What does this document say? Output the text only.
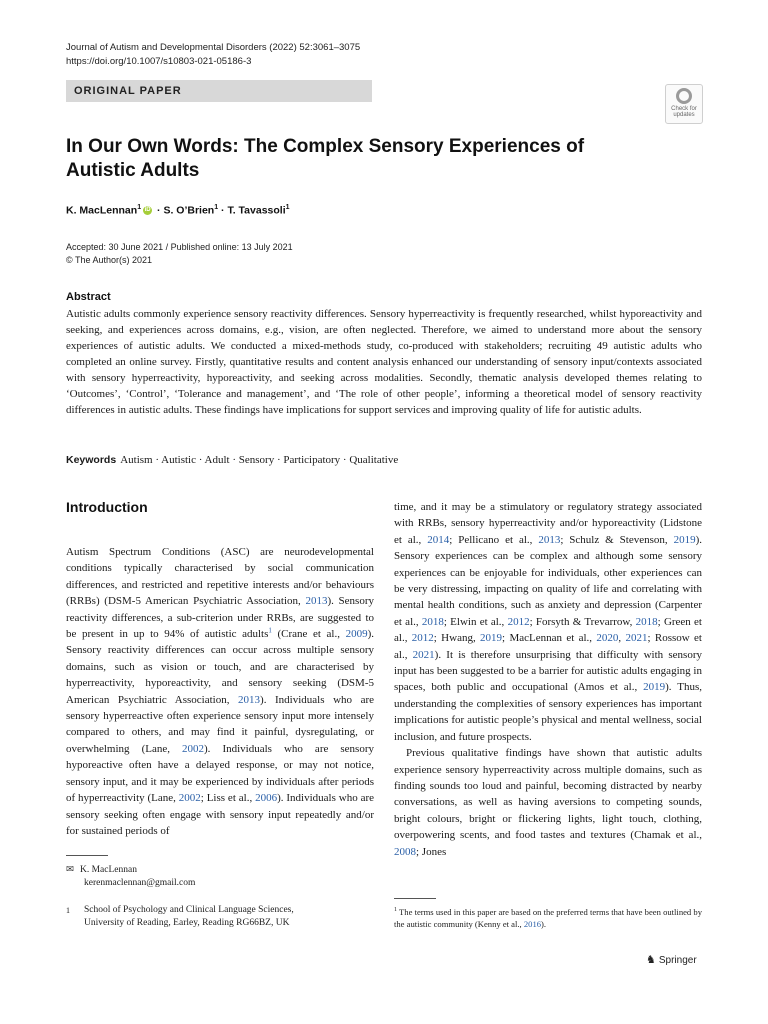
Journal of Autism and Developmental Disorders (2022) 52:3061–3075
https://doi.org/10.1007/s10803-021-05186-3
ORIGINAL PAPER
Check for
updates
In Our Own Words: The Complex Sensory Experiences of Autistic Adults
K. MacLennan$^1$ iD · S. O’Brien$^1$ · T. Tavassoli$^1$
Accepted: 30 June 2021 / Published online: 13 July 2021
© The Author(s) 2021
Abstract
Autistic adults commonly experience sensory reactivity differences. Sensory hyperreactivity is frequently researched, whilst hyporeactivity and seeking, and experiences across domains, e.g., vision, are often neglected. Therefore, we aimed to understand more about the sensory experiences of autistic adults. We conducted a mixed-methods study, co-produced with stakeholders; recruiting 49 autistic adults who completed an online survey. Firstly, quantitative results and content analysis enhanced our understanding of sensory input/contexts associated with sensory hyperreactivity, hyporeactivity, and seeking across modalities. Secondly, thematic analysis developed themes relating to ‘Outcomes’, ‘Control’, ‘Tolerance and management’, and ‘The role of other people’, informing a theoretical model of sensory reactivity differences in autistic adults. These findings have implications for support services and improving quality of life for autistic adults.
Keywords Autism · Autistic · Adult · Sensory · Participatory · Qualitative
Introduction

Autism Spectrum Conditions (ASC) are neurodevelopmental conditions typically characterised by social communication differences, and restricted and repetitive interests and/or behaviours (RRBs) (DSM-5 American Psychiatric Association, 2013). Sensory reactivity differences, a sub-criterion under RRBs, are suggested to be present in up to 94% of autistic adults$^1$ (Crane et al., 2009). Sensory reactivity differences can occur across multiple sensory domains, such as vision or touch, and are characterised by hyperreactivity, hyporeactivity, and sensory seeking (DSM-5 American Psychiatric Association, 2013). Individuals who are sensory hyperreactive often experience sensory input more intensely compared to others, and may find it painful, dysregulating, or overwhelming (Lane, 2002). Individuals who are sensory hyporeactive often have a delayed response, or may not notice, sensory input, and it may be experienced by individuals after periods of hyperreactivity (Lane, 2002; Liss et al., 2006). Individuals who are sensory seeking often engage with sensory input repeatedly and/or for sustained periods of

time, and it may be a stimulatory or regulatory strategy associated with RRBs, sensory hyperreactivity and/or hyporeactivity (Lidstone et al., 2014; Pellicano et al., 2013; Schulz & Stevenson, 2019). Sensory experiences can be complex and although some sensory experiences can be enjoyable for individuals, other experiences can be very distressing, impacting on quality of life and correlating with mental health conditions, such as anxiety and depression (Carpenter et al., 2018; Elwin et al., 2012; Forsyth & Trevarrow, 2018; Green et al., 2012; Hwang, 2019; MacLennan et al., 2020, 2021; Rossow et al., 2021). It is therefore unsurprising that difficulty with sensory input has been suggested to be a barrier for autistic adults engaging in spaces, both public and occupational (Amos et al., 2019). Thus, understanding the complexities of sensory experiences has important implications for autistic people’s physical and mental wellness, social inclusion, and future prospects.

Previous qualitative findings have shown that autistic adults experience sensory hyperreactivity across multiple domains, such as finding sounds too loud and painful, becoming distracted by nearby conversations, as well as having aversions to competing sounds, bright colours, bright or flickering lights, light touch, clothing, overpowering scents, and food tastes and textures (Chamak et al., 2008; Jones

✉ K. MacLennan
kerenmaclennan@gmail.com
1	School of Psychology and Clinical Language Sciences,
University of Reading, Earley, Reading RG66BZ, UK
$^1$ The terms used in this paper are based on the preferred terms that have been outlined by the autistic community (Kenny et al., 2016).
♞ Springer
